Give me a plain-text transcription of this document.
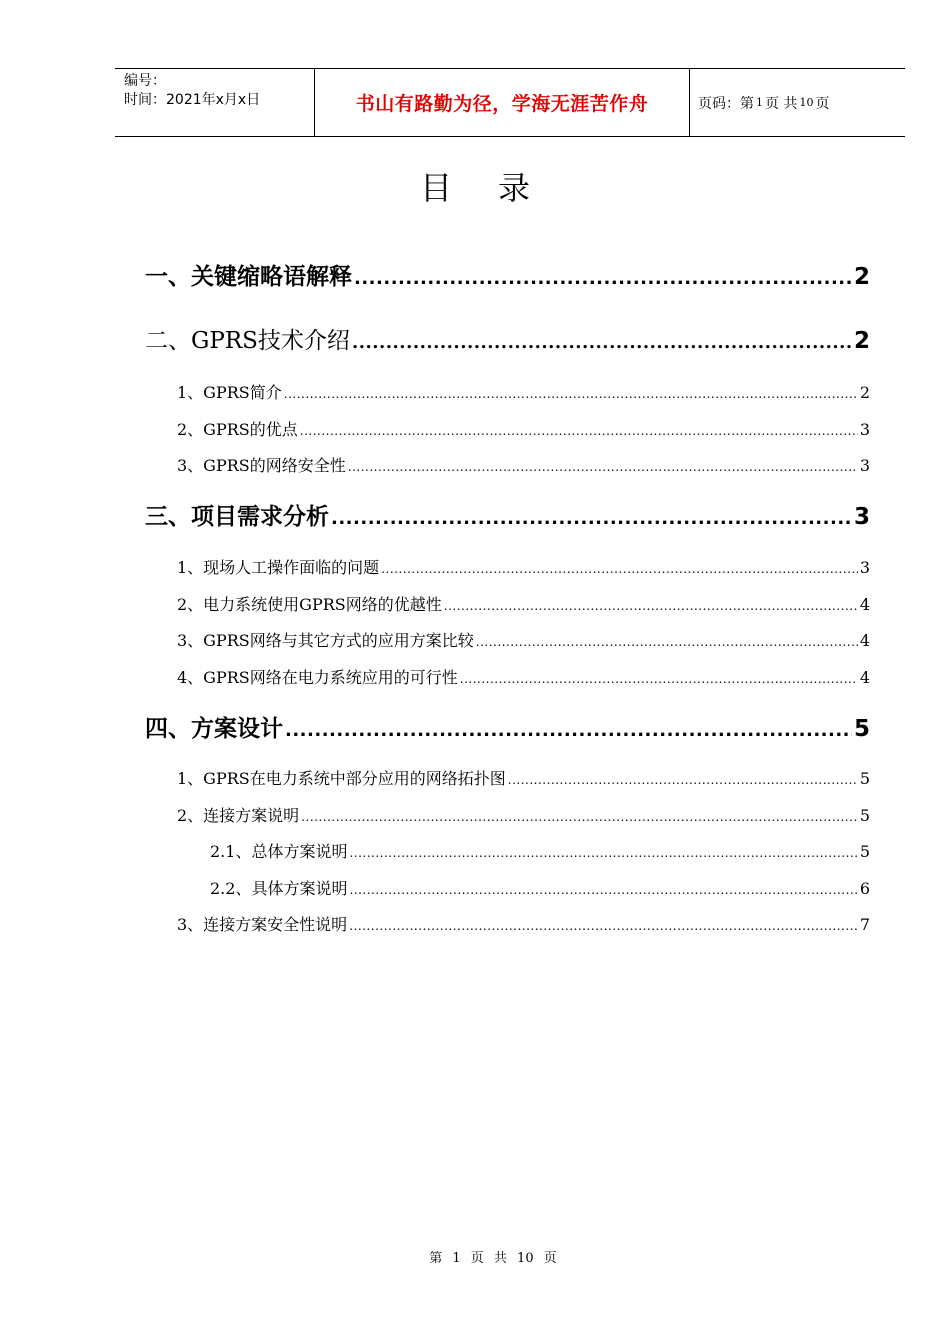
编号：
时间：2021年x月x日	书山有路勤为径，学海无涯苦作舟	页码：第 1 页 共 10 页
目录
一、关键缩略语解释 .....	2
二、GPRS技术介绍 .....	2
1、GPRS简介 .....	2
2、GPRS的优点 .....	3
3、GPRS的网络安全性 .....	3
三、项目需求分析 .....	3
1、现场人工操作面临的问题 .....	3
2、电力系统使用GPRS网络的优越性 .....	4
3、GPRS网络与其它方式的应用方案比较 .....	4
4、GPRS网络在电力系统应用的可行性 .....	4
四、方案设计 .....	5
1、GPRS在电力系统中部分应用的网络拓扑图 .....	5
2、连接方案说明 .....	5
2.1、总体方案说明 .....	5
2.2、具体方案说明 .....	6
3、连接方案安全性说明 .....	7
第 1 页 共 10 页
